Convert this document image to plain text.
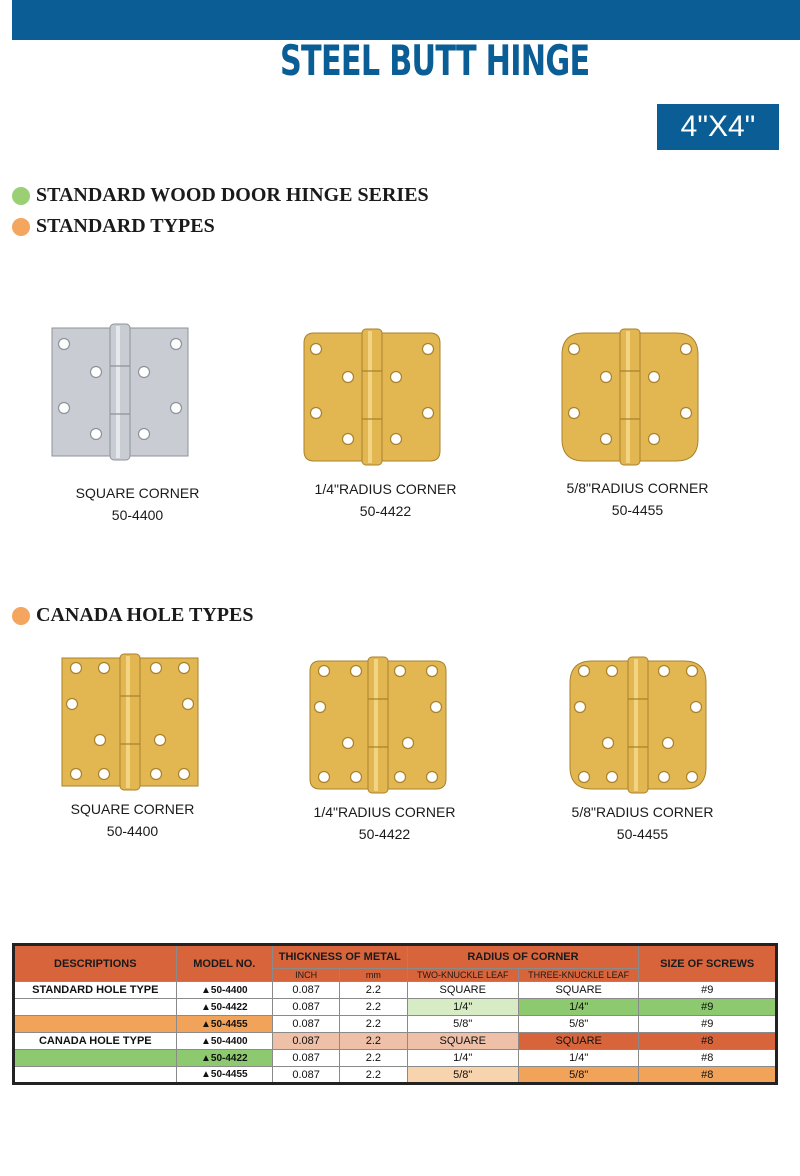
STEEL BUTT HINGE
4"X4"
STANDARD WOOD DOOR HINGE SERIES
STANDARD TYPES
SQUARE CORNER
50-4400
1/4"RADIUS CORNER
50-4422
5/8"RADIUS CORNER
50-4455
CANADA HOLE TYPES
SQUARE CORNER
50-4400
1/4"RADIUS CORNER
50-4422
5/8"RADIUS CORNER
50-4455
DESCRIPTIONS	MODEL NO.	THICKNESS OF METAL		RADIUS OF CORNER		SIZE OF SCREWS
		INCH	mm	TWO-KNUCKLE LEAF	THREE-KNUCKLE LEAF	
STANDARD HOLE TYPE	▲50-4400	0.087	2.2	SQUARE	SQUARE	#9
	▲50-4422	0.087	2.2	1/4"	1/4"	#9
	▲50-4455	0.087	2.2	5/8"	5/8"	#9
CANADA HOLE TYPE	▲50-4400	0.087	2.2	SQUARE	SQUARE	#8
	▲50-4422	0.087	2.2	1/4"	1/4"	#8
	▲50-4455	0.087	2.2	5/8"	5/8"	#8
